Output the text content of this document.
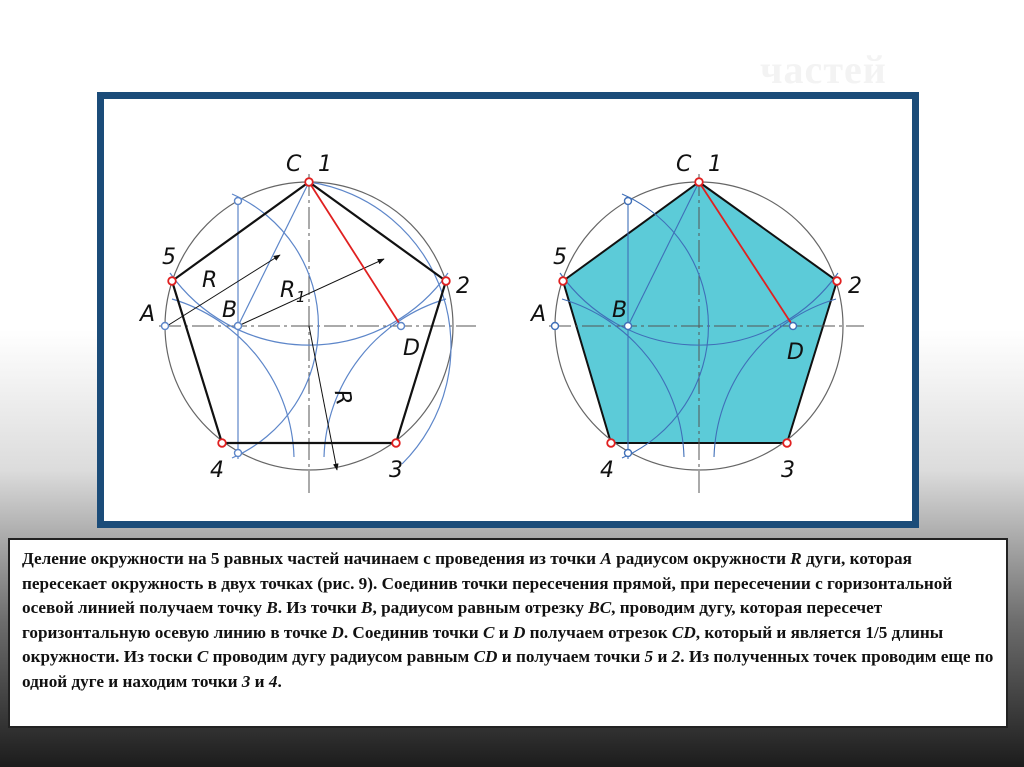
частей
C 1
2
3
4
5
A	B
D
R	R 1
R
C 1
2
3
4
5
A	B
D
Деление окружности на 5 равных частей начинаем с проведения из точки A радиусом окружности R дуги, которая пересекает окружность в двух точках (рис. 9). Соединив точки пересечения прямой, при пересечении с горизонтальной осевой линией получаем точку B. Из точки B, радиусом равным отрезку BC, проводим дугу, которая пересечет горизонтальную осевую линию в точке D. Соединив точки C и D получаем отрезок CD, который и является 1/5 длины окружности. Из тоски C проводим дугу радиусом равным CD и получаем точки 5 и 2. Из полученных точек проводим еще по одной дуге и находим точки 3 и 4.
